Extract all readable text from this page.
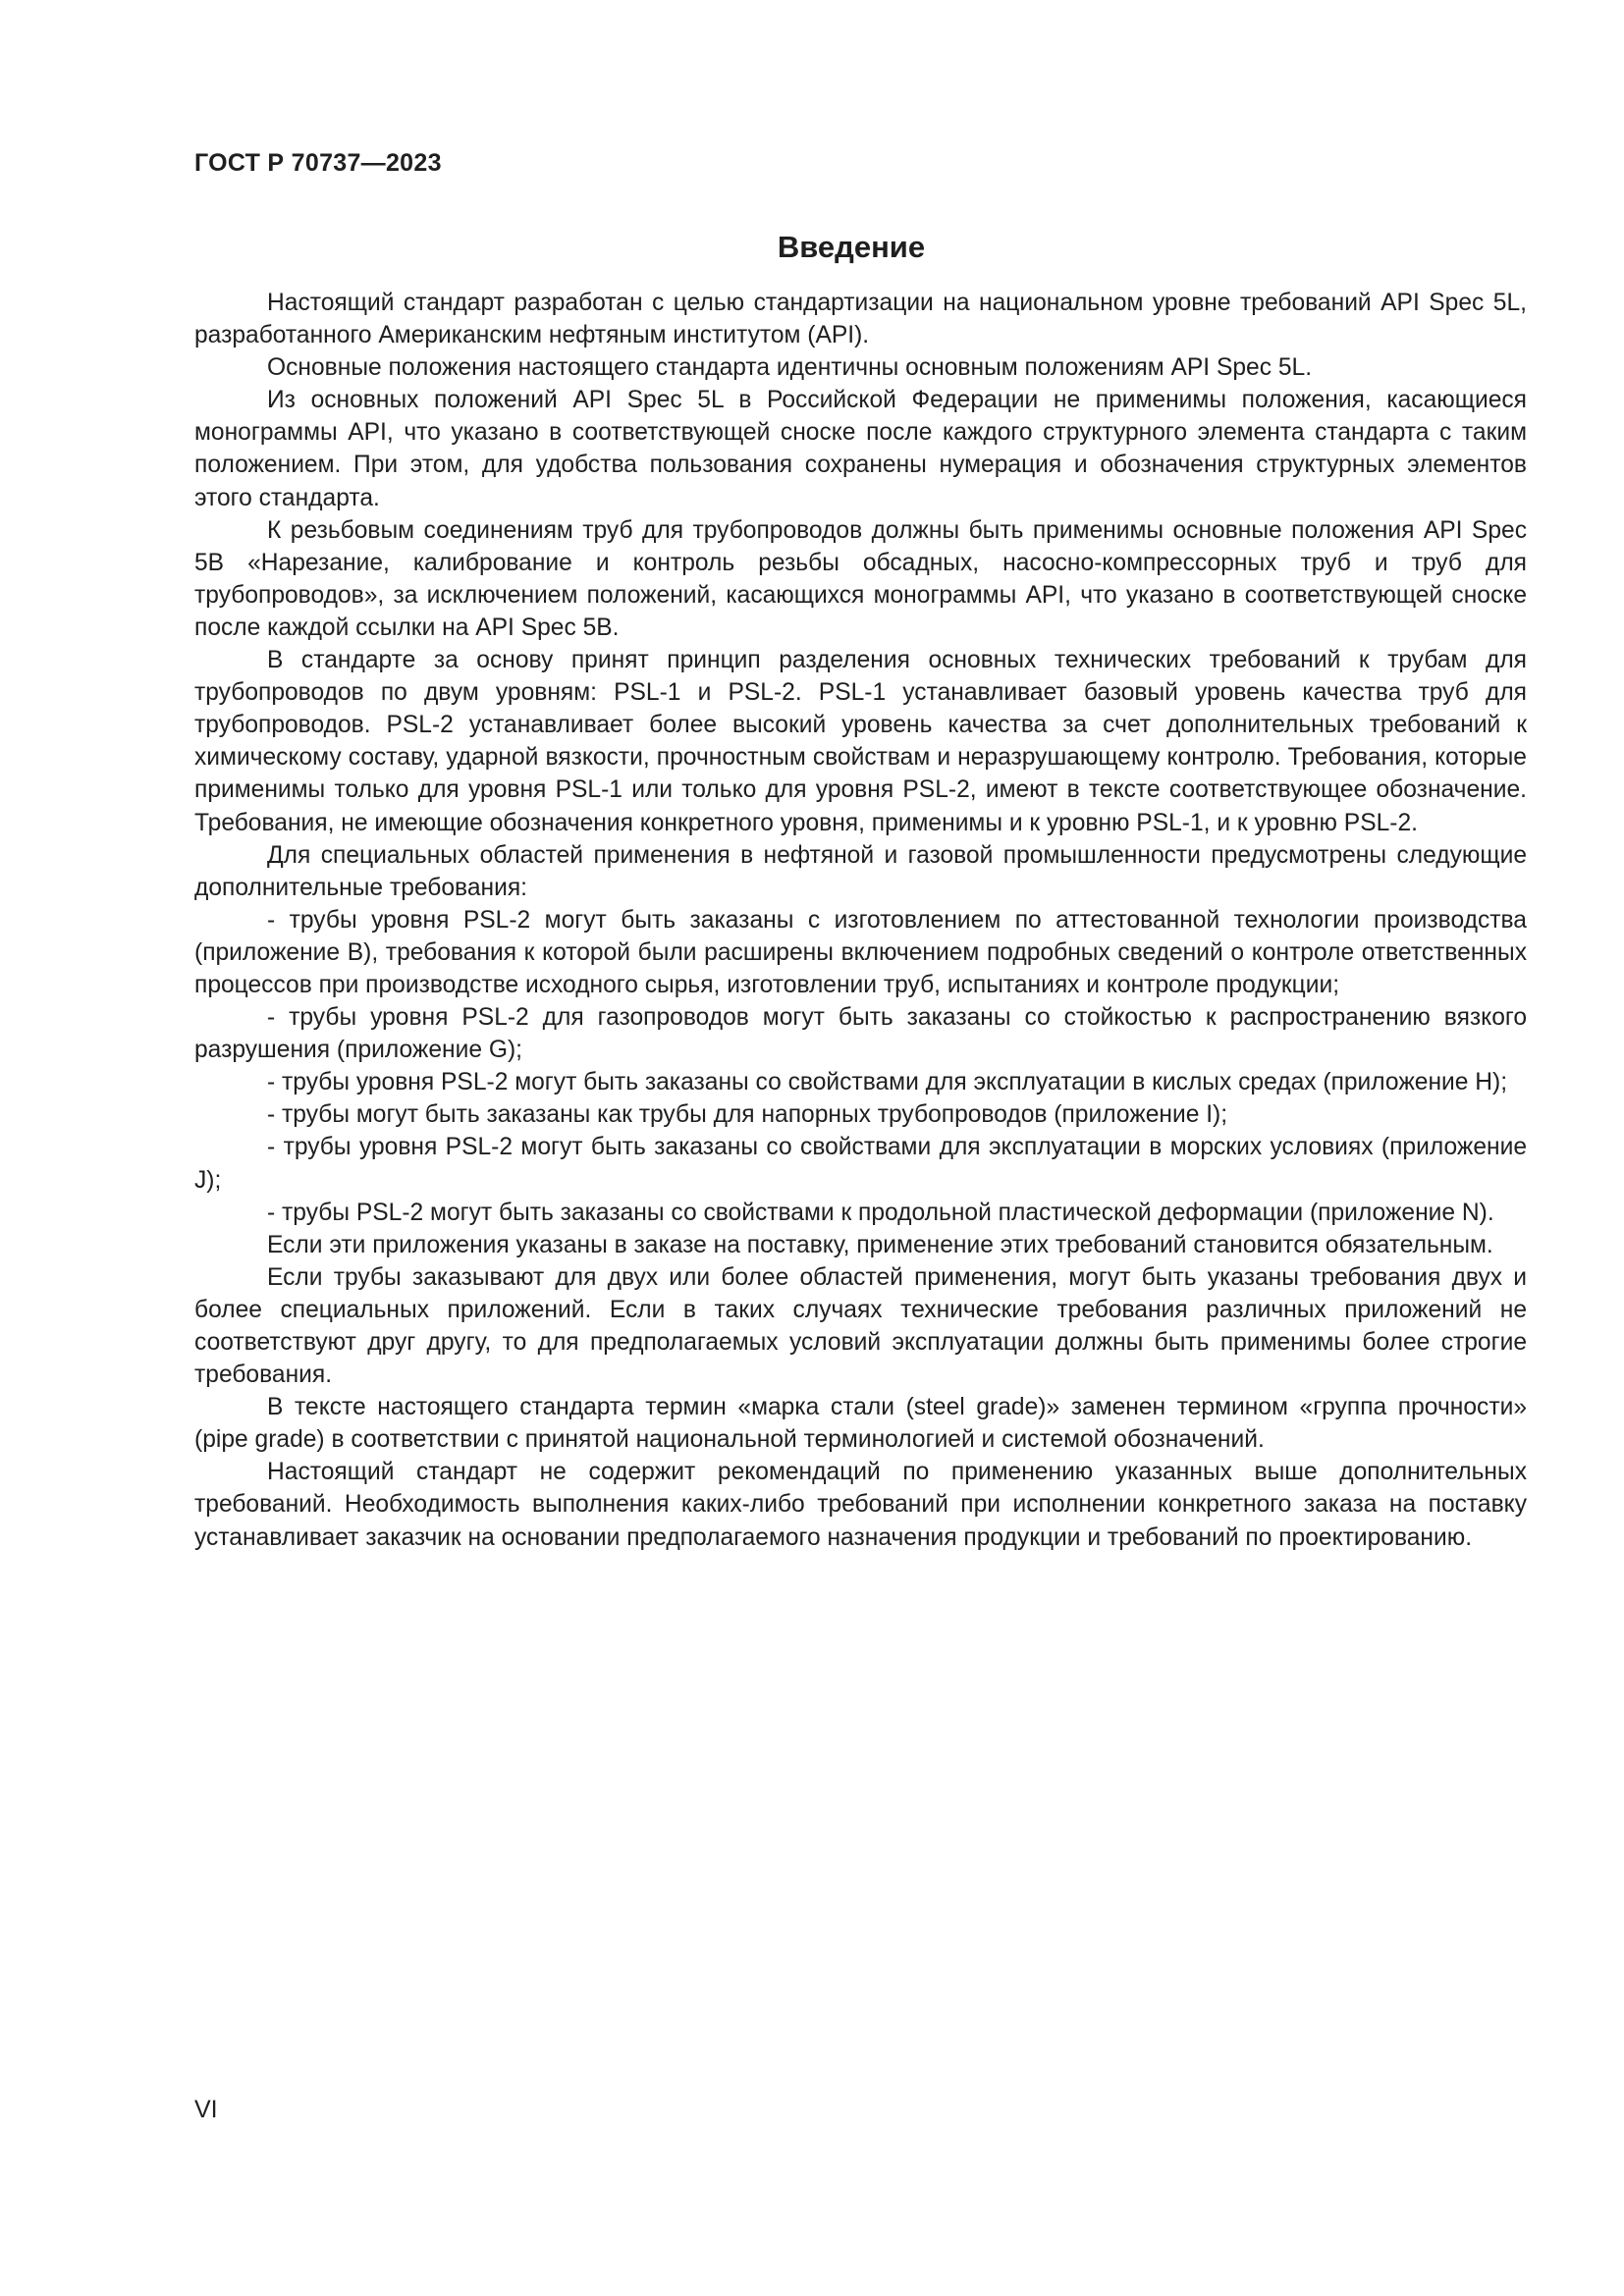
ГОСТ Р 70737—2023
Введение

Настоящий стандарт разработан с целью стандартизации на национальном уровне требований API Spec 5L, разработанного Американским нефтяным институтом (API).

Основные положения настоящего стандарта идентичны основным положениям API Spec 5L.

Из основных положений API Spec 5L в Российской Федерации не применимы положения, касающиеся монограммы API, что указано в соответствующей сноске после каждого структурного элемента стандарта с таким положением. При этом, для удобства пользования сохранены нумерация и обозначения структурных элементов этого стандарта.

К резьбовым соединениям труб для трубопроводов должны быть применимы основные положения API Spec 5B «Нарезание, калибрование и контроль резьбы обсадных, насосно-компрессорных труб и труб для трубопроводов», за исключением положений, касающихся монограммы API, что указано в соответствующей сноске после каждой ссылки на API Spec 5B.

В стандарте за основу принят принцип разделения основных технических требований к трубам для трубопроводов по двум уровням: PSL-1 и PSL-2. PSL-1 устанавливает базовый уровень качества труб для трубопроводов. PSL-2 устанавливает более высокий уровень качества за счет дополнительных требований к химическому составу, ударной вязкости, прочностным свойствам и неразрушающему контролю. Требования, которые применимы только для уровня PSL-1 или только для уровня PSL-2, имеют в тексте соответствующее обозначение. Требования, не имеющие обозначения конкретного уровня, применимы и к уровню PSL-1, и к уровню PSL-2.

Для специальных областей применения в нефтяной и газовой промышленности предусмотрены следующие дополнительные требования:

- трубы уровня PSL-2 могут быть заказаны с изготовлением по аттестованной технологии производства (приложение B), требования к которой были расширены включением подробных сведений о контроле ответственных процессов при производстве исходного сырья, изготовлении труб, испытаниях и контроле продукции;

- трубы уровня PSL-2 для газопроводов могут быть заказаны со стойкостью к распространению вязкого разрушения (приложение G);

- трубы уровня PSL-2 могут быть заказаны со свойствами для эксплуатации в кислых средах (приложение H);

- трубы могут быть заказаны как трубы для напорных трубопроводов (приложение I);

- трубы уровня PSL-2 могут быть заказаны со свойствами для эксплуатации в морских условиях (приложение J);

- трубы PSL-2 могут быть заказаны со свойствами к продольной пластической деформации (приложение N).

Если эти приложения указаны в заказе на поставку, применение этих требований становится обязательным.

Если трубы заказывают для двух или более областей применения, могут быть указаны требования двух и более специальных приложений. Если в таких случаях технические требования различных приложений не соответствуют друг другу, то для предполагаемых условий эксплуатации должны быть применимы более строгие требования.

В тексте настоящего стандарта термин «марка стали (steel grade)» заменен термином «группа прочности» (pipe grade) в соответствии с принятой национальной терминологией и системой обозначений.

Настоящий стандарт не содержит рекомендаций по применению указанных выше дополнительных требований. Необходимость выполнения каких-либо требований при исполнении конкретного заказа на поставку устанавливает заказчик на основании предполагаемого назначения продукции и требований по проектированию.

VI
